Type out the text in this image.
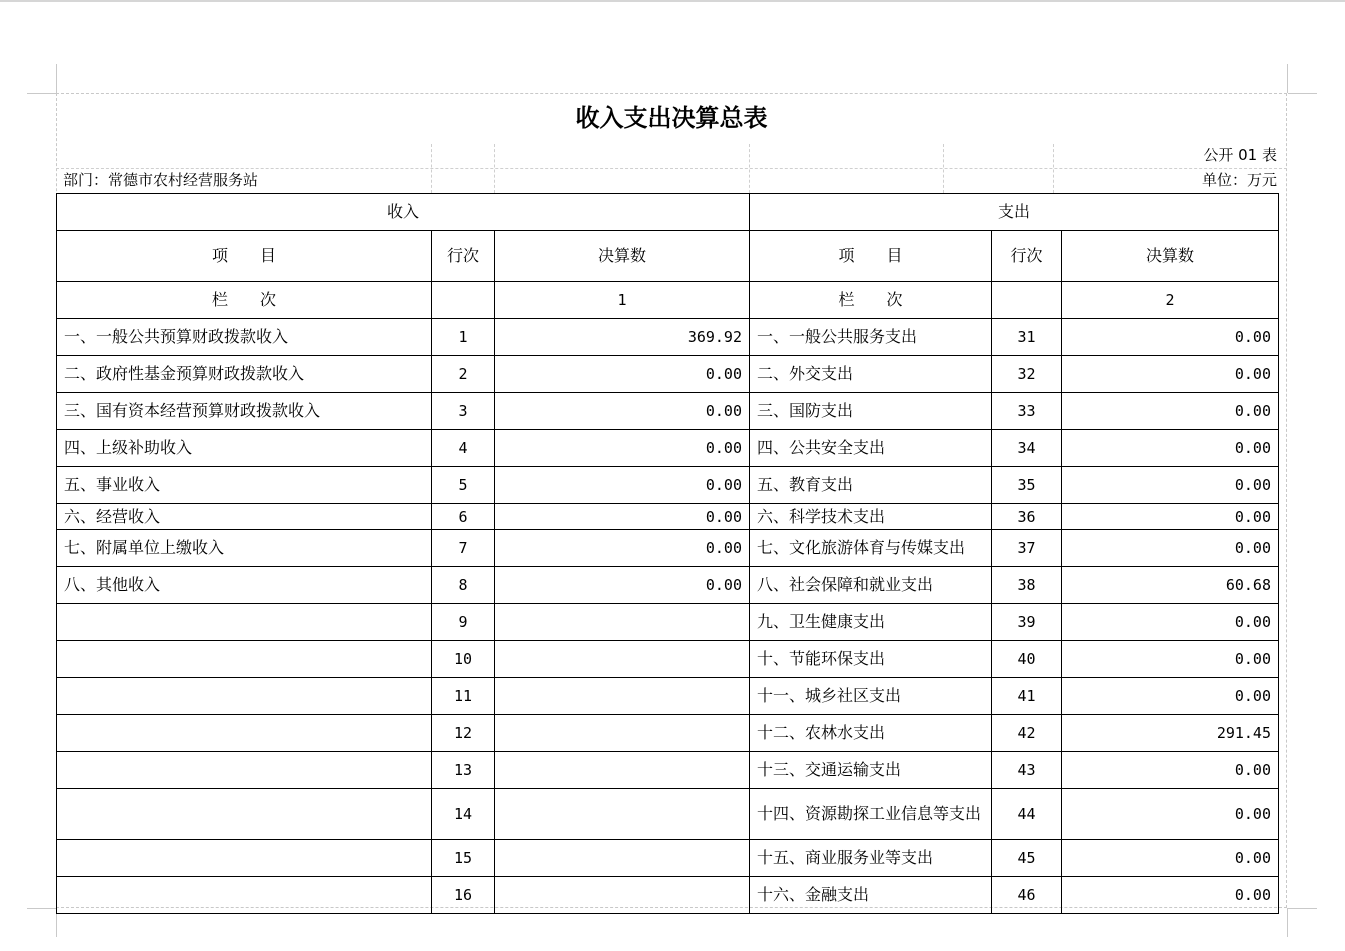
收入支出决算总表
公开 01 表
部门：常德市农村经营服务站	单位：万元
收入			支出		
项　　目	行次	决算数	项　　目	行次	决算数
栏　　次		1	栏　　次		2
一、一般公共预算财政拨款收入	1	369.92	一、一般公共服务支出	31	0.00
二、政府性基金预算财政拨款收入	2	0.00	二、外交支出	32	0.00
三、国有资本经营预算财政拨款收入	3	0.00	三、国防支出	33	0.00
四、上级补助收入	4	0.00	四、公共安全支出	34	0.00
五、事业收入	5	0.00	五、教育支出	35	0.00
六、经营收入	6	0.00	六、科学技术支出	36	0.00
七、附属单位上缴收入	7	0.00	七、文化旅游体育与传媒支出	37	0.00
八、其他收入	8	0.00	八、社会保障和就业支出	38	60.68
	9		九、卫生健康支出	39	0.00
	10		十、节能环保支出	40	0.00
	11		十一、城乡社区支出	41	0.00
	12		十二、农林水支出	42	291.45
	13		十三、交通运输支出	43	0.00
	14		十四、资源勘探工业信息等支出	44	0.00
	15		十五、商业服务业等支出	45	0.00
	16		十六、金融支出	46	0.00
